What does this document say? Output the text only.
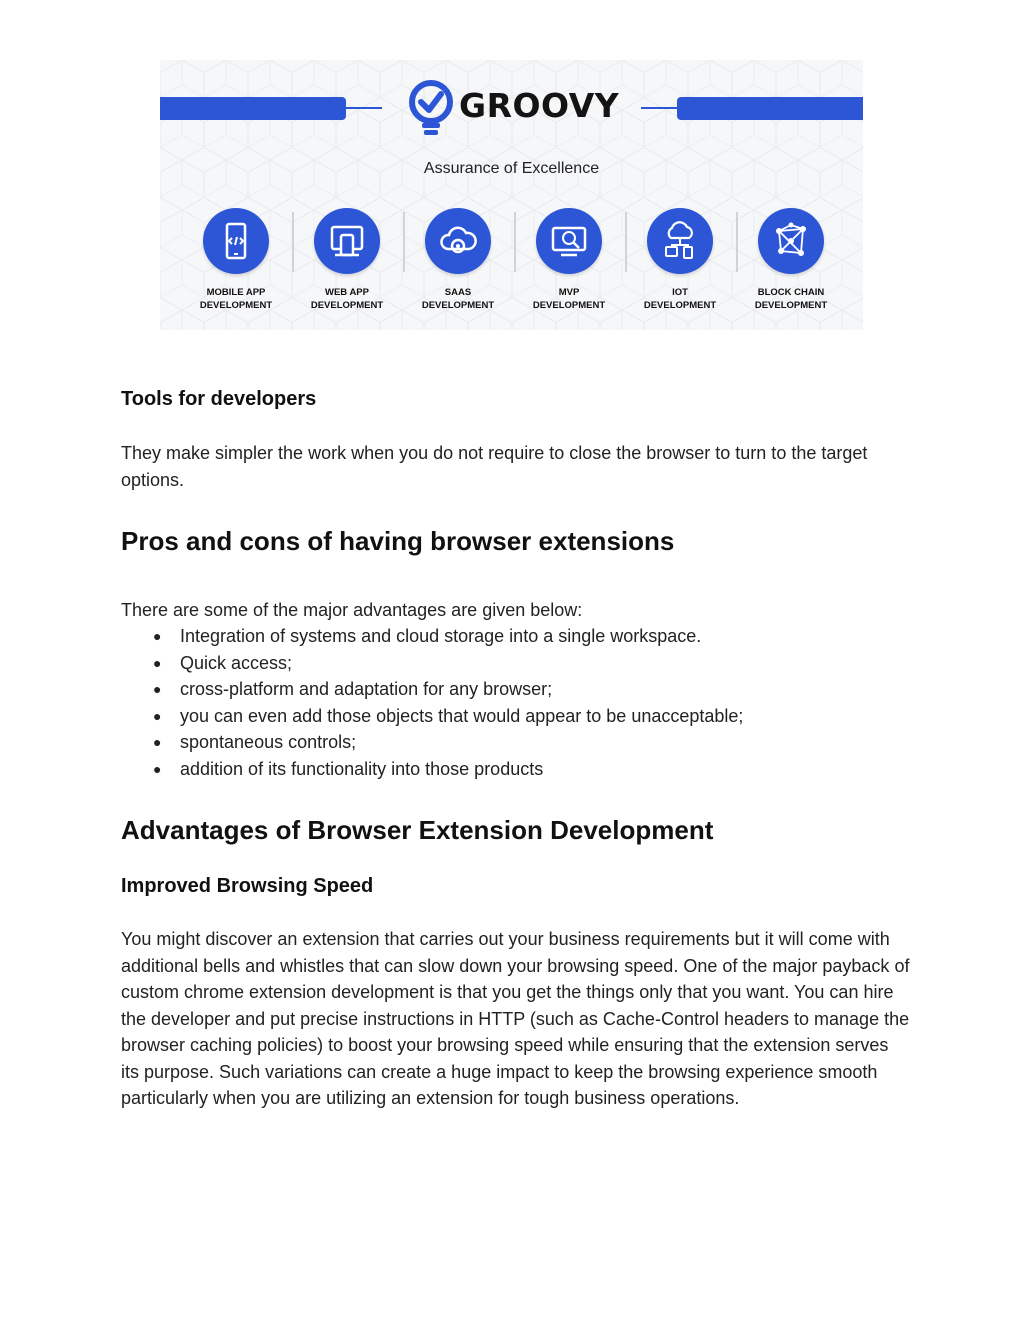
GROOVY
Assurance of Excellence
MOBILE APP
DEVELOPMENT
WEB APP
DEVELOPMENT
SAAS
DEVELOPMENT
MVP
DEVELOPMENT
IOT
DEVELOPMENT
BLOCK CHAIN
DEVELOPMENT
Tools for developers

They make simpler the work when you do not require to close the browser to turn to the target options.

Pros and cons of having browser extensions

There are some of the major advantages are given below:

● Integration of systems and cloud storage into a single workspace.
● Quick access;
● cross-platform and adaptation for any browser;
● you can even add those objects that would appear to be unacceptable;
● spontaneous controls;
● addition of its functionality into those products
Advantages of Browser Extension Development
Improved Browsing Speed

You might discover an extension that carries out your business requirements but it will come with additional bells and whistles that can slow down your browsing speed. One of the major payback of custom chrome extension development is that you get the things only that you want. You can hire the developer and put precise instructions in HTTP (such as Cache-Control headers to manage the browser caching policies) to boost your browsing speed while ensuring that the extension serves its purpose. Such variations can create a huge impact to keep the browsing experience smooth particularly when you are utilizing an extension for tough business operations.
